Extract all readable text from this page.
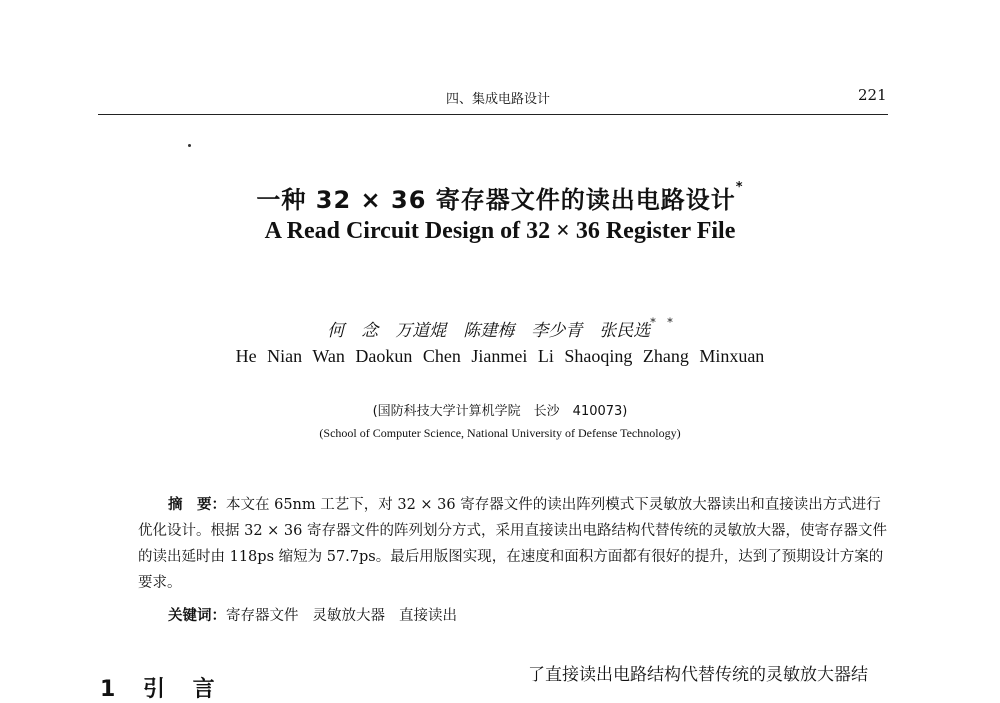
四、集成电路设计	221
一种 32 × 36 寄存器文件的读出电路设计*
A Read Circuit Design of 32 × 36 Register File
何　念　万道焜　陈建梅　李少青　张民选* *
He Nian Wan Daokun Chen Jianmei Li Shaoqing Zhang Minxuan
(国防科技大学计算机学院　长沙　410073)
(School of Computer Science, National University of Defense Technology)
摘　要：本文在 65nm 工艺下，对 32 × 36 寄存器文件的读出阵列模式下灵敏放大器读出和直接读出方式进行优化设计。根据 32 × 36 寄存器文件的阵列划分方式，采用直接读出电路结构代替传统的灵敏放大器，使寄存器文件的读出延时由 118ps 缩短为 57.7ps。最后用版图实现，在速度和面积方面都有很好的提升，达到了预期设计方案的要求。
关键词：寄存器文件 灵敏放大器 直接读出
1 引 言
了直接读出电路结构代替传统的灵敏放大器结
